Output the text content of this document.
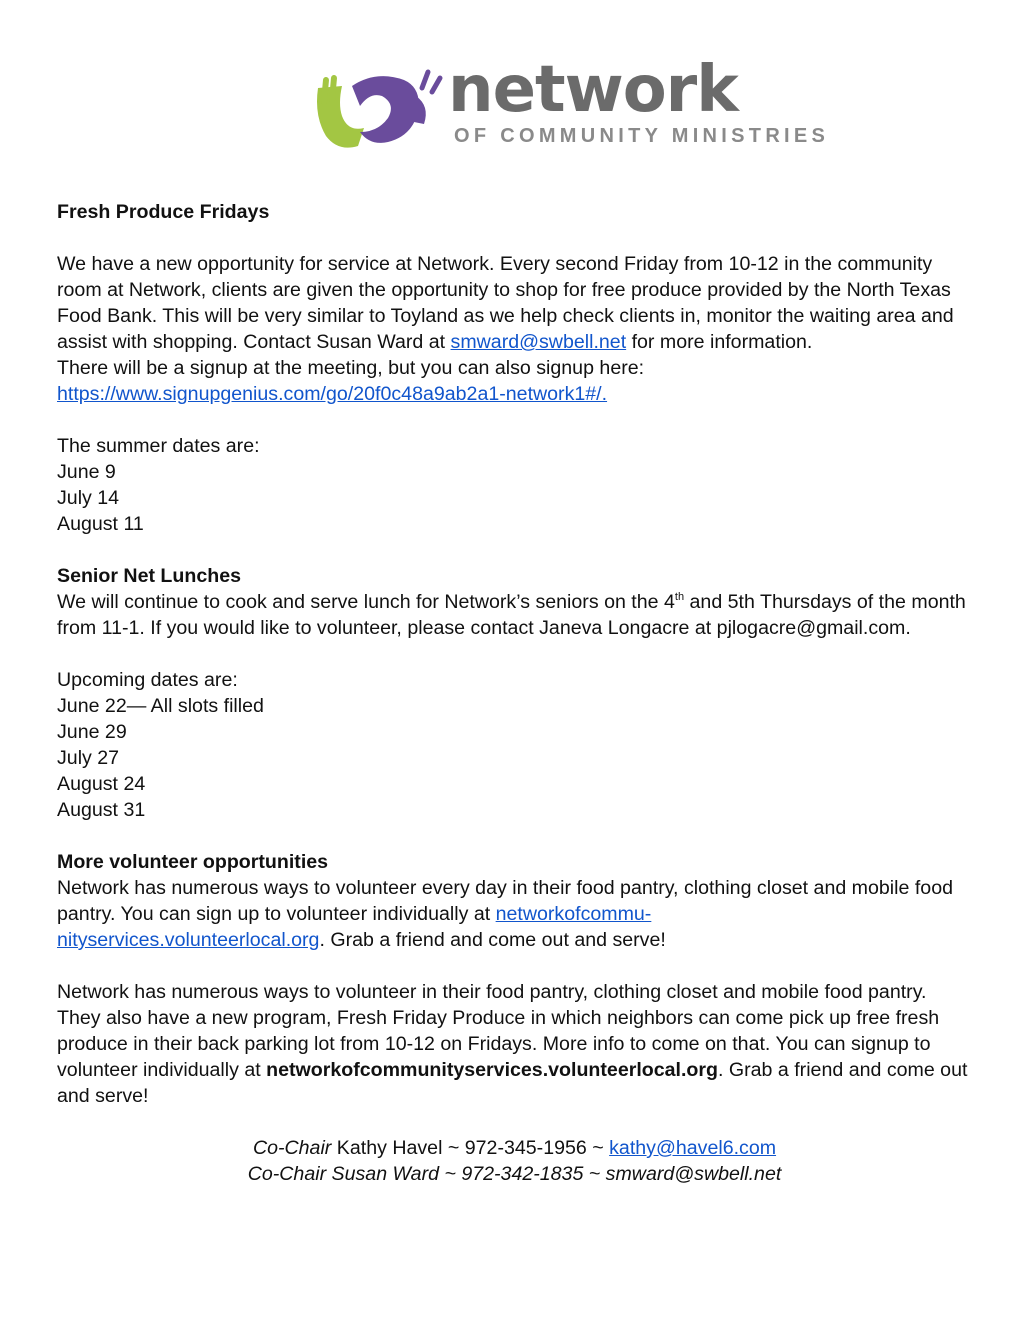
network
OF COMMUNITY MINISTRIES

Fresh Produce Fridays

We have a new opportunity for service at Network. Every second Friday from 10-12 in the community room at Network, clients are given the opportunity to shop for free produce provided by the North Texas Food Bank. This will be very similar to Toyland as we help check clients in, monitor the waiting area and assist with shopping. Contact Susan Ward at smward@swbell.net for more information.
There will be a signup at the meeting, but you can also signup here: https://www.signupgenius.com/go/20f0c48a9ab2a1-network1#/.

The summer dates are:

June 9

July 14

August 11

Senior Net Lunches

We will continue to cook and serve lunch for Network’s seniors on the 4th and 5th Thursdays of the month from 11-1. If you would like to volunteer, please contact Janeva Longacre at pjlogacre@gmail.com.

Upcoming dates are:

June 22— All slots filled

June 29

July 27

August 24

August 31

More volunteer opportunities

Network has numerous ways to volunteer every day in their food pantry, clothing closet and mobile food pantry. You can sign up to volunteer individually at networkofcommu-
nityservices.volunteerlocal.org. Grab a friend and come out and serve!

Network has numerous ways to volunteer in their food pantry, clothing closet and mobile food pantry. They also have a new program, Fresh Friday Produce in which neighbors can come pick up free fresh produce in their back parking lot from 10-12 on Fridays. More info to come on that. You can signup to volunteer individually at networkofcommunityservices.volunteerlocal.org. Grab a friend and come out and serve!

Co-Chair Kathy Havel ~ 972-345-1956 ~ kathy@havel6.com

Co-Chair Susan Ward ~ 972-342-1835 ~ smward@swbell.net
